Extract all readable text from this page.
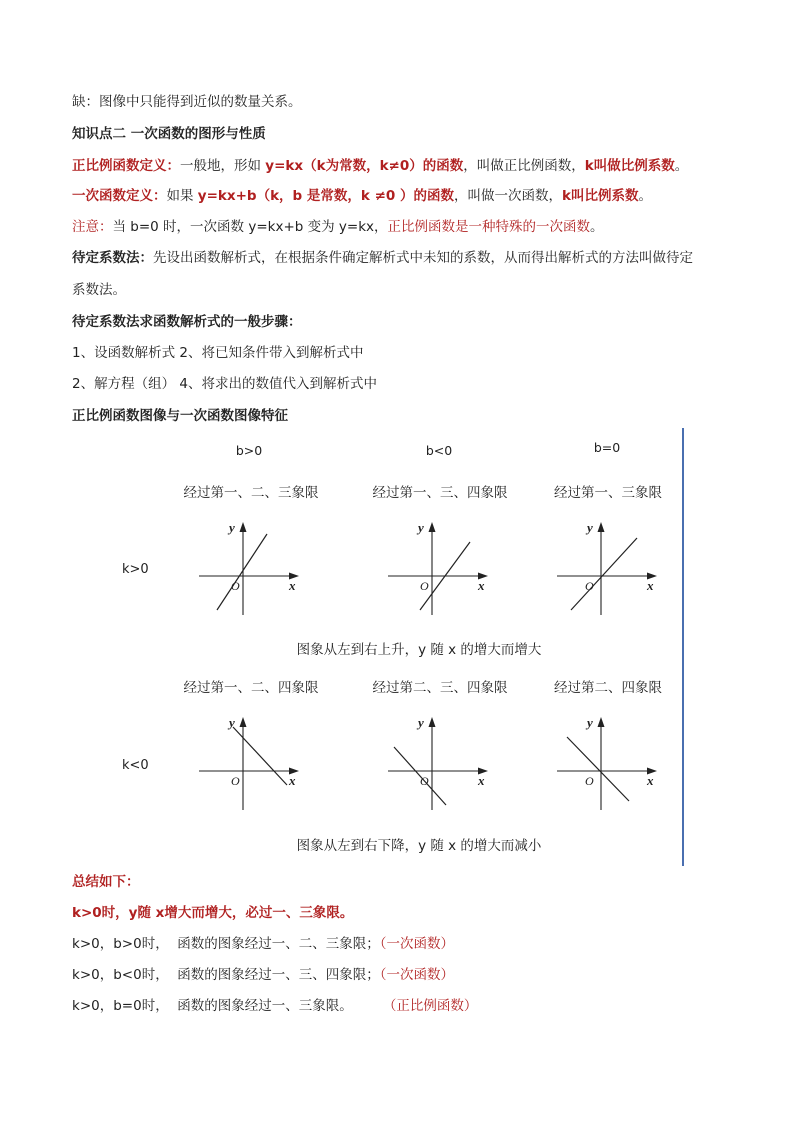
缺：图像中只能得到近似的数量关系。
知识点二 一次函数的图形与性质
正比例函数定义：一般地，形如 y=kx（k为常数，k≠0）的函数，叫做正比例函数，k叫做比例系数。
一次函数定义：如果 y=kx+b（k，b 是常数，k ≠0 ）的函数，叫做一次函数，k叫比例系数。
注意：当 b=0 时，一次函数 y=kx+b 变为 y=kx，正比例函数是一种特殊的一次函数。
待定系数法：先设出函数解析式，在根据条件确定解析式中未知的系数，从而得出解析式的方法叫做待定
系数法。
待定系数法求函数解析式的一般步骤：
1、设函数解析式 2、将已知条件带入到解析式中
2、解方程（组） 4、将求出的数值代入到解析式中
正比例函数图像与一次函数图像特征
b>0	b<0	b=0
经过第一、二、三象限	经过第一、三、四象限	经过第一、三象限
k>0
y
x
O
y
x
O
y
x
O
图象从左到右上升，y 随 x 的增大而增大
经过第一、二、四象限	经过第二、三、四象限	经过第二、四象限
k<0
y
x
O
y
x
O
y
x
O
图象从左到右下降，y 随 x 的增大而减小
总结如下：
k>0时，y随 x增大而增大，必过一、三象限。
k>0，b>0时， 函数的图象经过一、二、三象限；（一次函数）
k>0，b<0时， 函数的图象经过一、三、四象限；（一次函数）
k>0，b=0时， 函数的图象经过一、三象限。 （正比例函数）
